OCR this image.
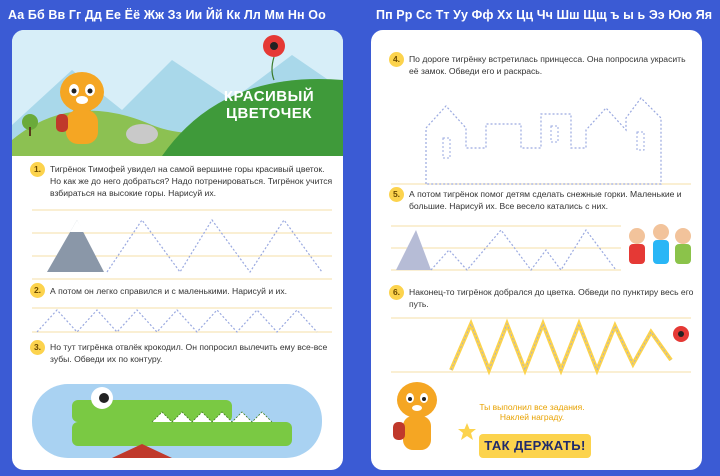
Аа Бб Вв Гг Дд Ее Ёё Жж Зз Ии Йй Кк Лл Мм Нн Оо	Пп Рр Сс Тт Уу Фф Хх Цц Чч Шш Щщ ъ ы ь Ээ Юю Яя
КРАСИВЫЙ
ЦВЕТОЧЕК
1.	Тигрёнок Тимофей увидел на самой вершине горы красивый цветок. Но как же до него добраться? Надо потренироваться. Тигрёнок учится взбираться на высокие горы. Нарисуй их.
2.	А потом он легко справился и с маленькими. Нарисуй и их.
3.	Но тут тигрёнка отвлёк крокодил. Он попросил вылечить ему все-все зубы. Обведи их по контуру.
4.	По дороге тигрёнку встретилась принцесса. Она попросила украсить её замок. Обведи его и раскрась.
5.	А потом тигрёнок помог детям сделать снежные горки. Маленькие и большие. Нарисуй их. Все весело катались с них.
6.	Наконец-то тигрёнок добрался до цветка. Обведи по пунктиру весь его путь.
Ты выполнил все задания. Наклей награду.
ТАК ДЕРЖАТЬ! Avito
